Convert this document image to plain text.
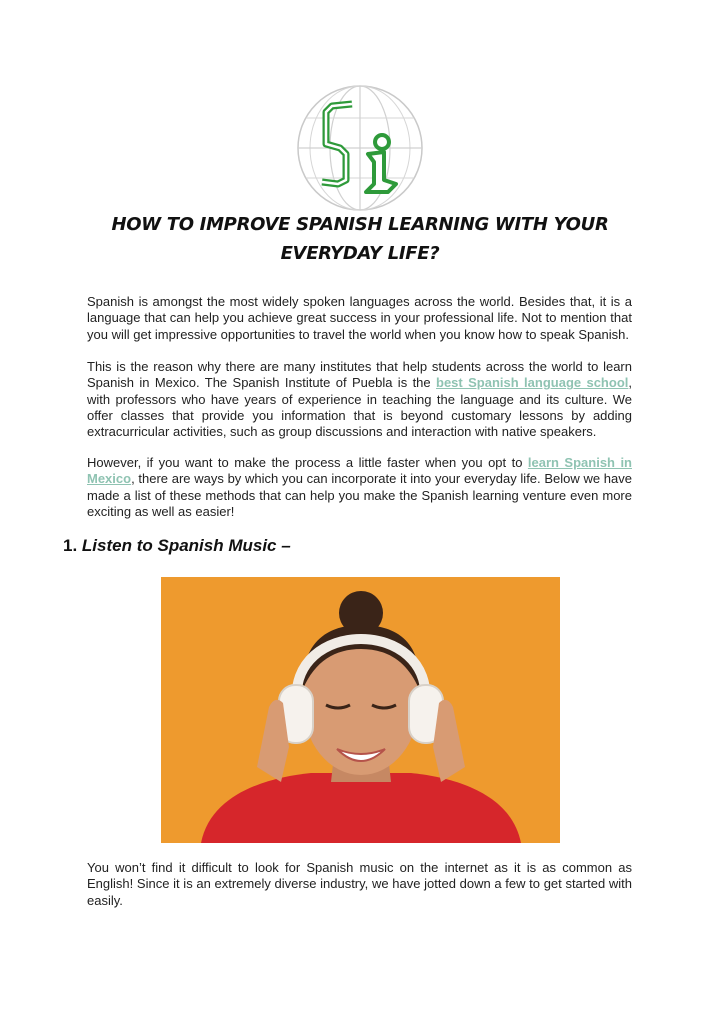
HOW TO IMPROVE SPANISH LEARNING WITH YOUR
EVERYDAY LIFE?

Spanish is amongst the most widely spoken languages across the world. Besides that, it is a language that can help you achieve great success in your professional life. Not to mention that you will get impressive opportunities to travel the world when you know how to speak Spanish.

This is the reason why there are many institutes that help students across the world to learn Spanish in Mexico. The Spanish Institute of Puebla is the best Spanish language school, with professors who have years of experience in teaching the language and its culture. We offer classes that provide you information that is beyond customary lessons by adding extracurricular activities, such as group discussions and interaction with native speakers.

However, if you want to make the process a little faster when you opt to learn Spanish in Mexico, there are ways by which you can incorporate it into your everyday life. Below we have made a list of these methods that can help you make the Spanish learning venture even more exciting as well as easier!

1. Listen to Spanish Music –

You won’t find it difficult to look for Spanish music on the internet as it is as common as English! Since it is an extremely diverse industry, we have jotted down a few to get started with easily.
